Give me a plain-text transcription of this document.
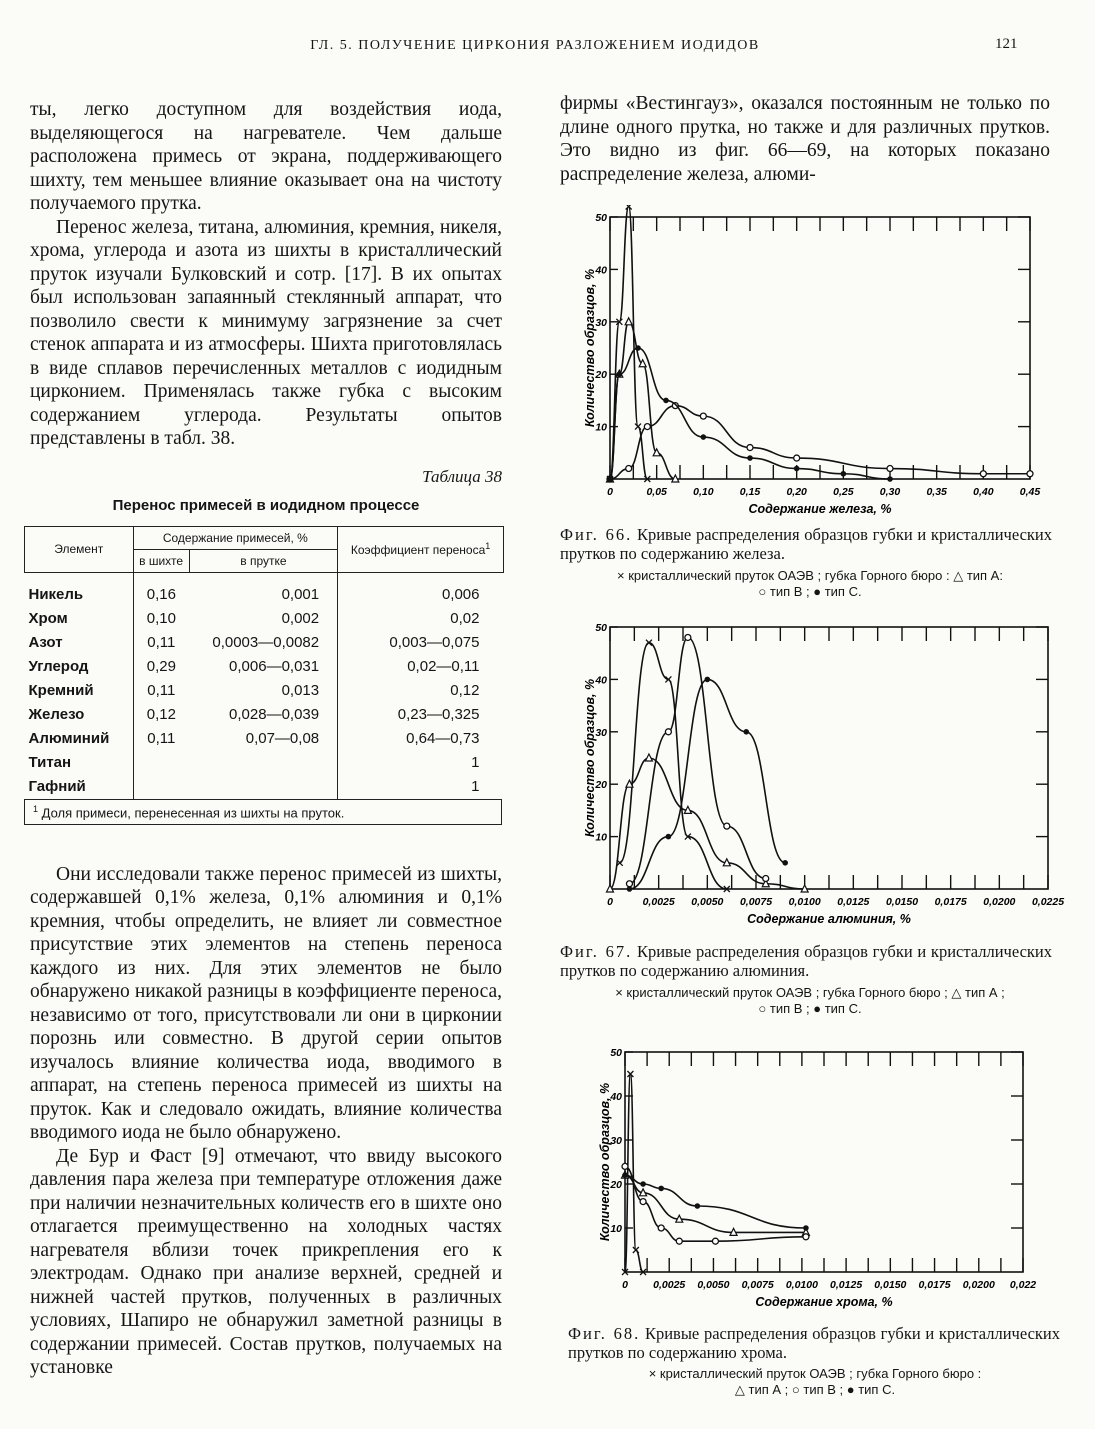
ГЛ. 5. ПОЛУЧЕНИЕ ЦИРКОНИЯ РАЗЛОЖЕНИЕМ ИОДИДОВ	121

ты, легко доступном для воздействия иода, выделяющегося на нагревателе. Чем дальше расположена примесь от экрана, поддерживающего шихту, тем меньшее влияние оказывает она на чистоту получаемого прутка.

Перенос железа, титана, алюминия, кремния, никеля, хрома, углерода и азота из шихты в кристаллический пруток изучали Булковский и сотр. [17]. В их опытах был использован запаянный стеклянный аппарат, что позволило свести к минимуму загрязнение за счет стенок аппарата и из атмосферы. Шихта приготовлялась в виде сплавов перечисленных металлов с иодидным цирконием. Применялась также губка с высоким содержанием углерода. Результаты опытов представлены в табл. 38.

Таблица 38
Перенос примесей в иодидном процессе
Элемент	Содержание примесей, %		Коэффициент переноса$^1$
	в шихте	в прутке	
Никель	0,16	0,001	0,006
Хром	0,10	0,002	0,02
Азот	0,11	0,0003—0,0082	0,003—0,075
Углерод	0,29	0,006—0,031	0,02—0,11
Кремний	0,11	0,013	0,12
Железо	0,12	0,028—0,039	0,23—0,325
Алюминий	0,11	0,07—0,08	0,64—0,73
Титан			1
Гафний			1
$^1$ Доля примеси, перенесенная из шихты на пруток.

Они исследовали также перенос примесей из шихты, содержавшей 0,1% железа, 0,1% алюминия и 0,1% кремния, чтобы определить, не влияет ли совместное присутствие этих элементов на степень переноса каждого из них. Для этих элементов не было обнаружено никакой разницы в коэффициенте переноса, независимо от того, присутствовали ли они в цирконии порознь или совместно. В другой серии опытов изучалось влияние количества иода, вводимого в аппарат, на степень переноса примесей из шихты на пруток. Как и следовало ожидать, влияние количества вводимого иода не было обнаружено.

Де Бур и Фаст [9] отмечают, что ввиду высокого давления пара железа при температуре отложения даже при наличии незначительных количеств его в шихте оно отлагается преимущественно на холодных частях нагревателя вблизи точек прикрепления его к электродам. Однако при анализе верхней, средней и нижней частей прутков, полученных в различных условиях, Шапиро не обнаружил заметной разницы в содержании примесей. Состав прутков, получаемых на установке

фирмы «Вестингауз», оказался постоянным не только по длине одного прутка, но также и для различных прутков. Это видно из фиг. 66—69, на которых показано распределение железа, алюми-

0	0,05 0,10 0,15 0,20 0,25 0,30 0,35 0,40 0,45
10
20
30
40
50
Содержание железа, %
Количество образцов, %
Фиг. 66. Кривые распределения образцов губки и кристаллических прутков по содержанию железа.
× кристаллический пруток ОАЭВ ; губка Горного бюро : △ тип А:
○ тип В ; ● тип С.
0	0,0025 0,0050 0,0075 0,0100 0,0125 0,0150 0,0175 0,0200 0,0225
10
20
30
40
50
Содержание алюминия, %
Количество образцов, %
Фиг. 67. Кривые распределения образцов губки и кристаллических прутков по содержанию алюминия.
× кристаллический пруток ОАЭВ ; губка Горного бюро ; △ тип А ;
○ тип В ; ● тип С.
0 0,0025 0,0050 0,0075 0,0100 0,0125 0,0150 0,0175 0,0200 0,022
10
20
30
40
50
Содержание хрома, %
Количество образцов, %
Фиг. 68. Кривые распределения образцов губки и кристаллических прутков по содержанию хрома.
× кристаллический пруток ОАЭВ ; губка Горного бюро :
△ тип А ; ○ тип В ; ● тип С.
